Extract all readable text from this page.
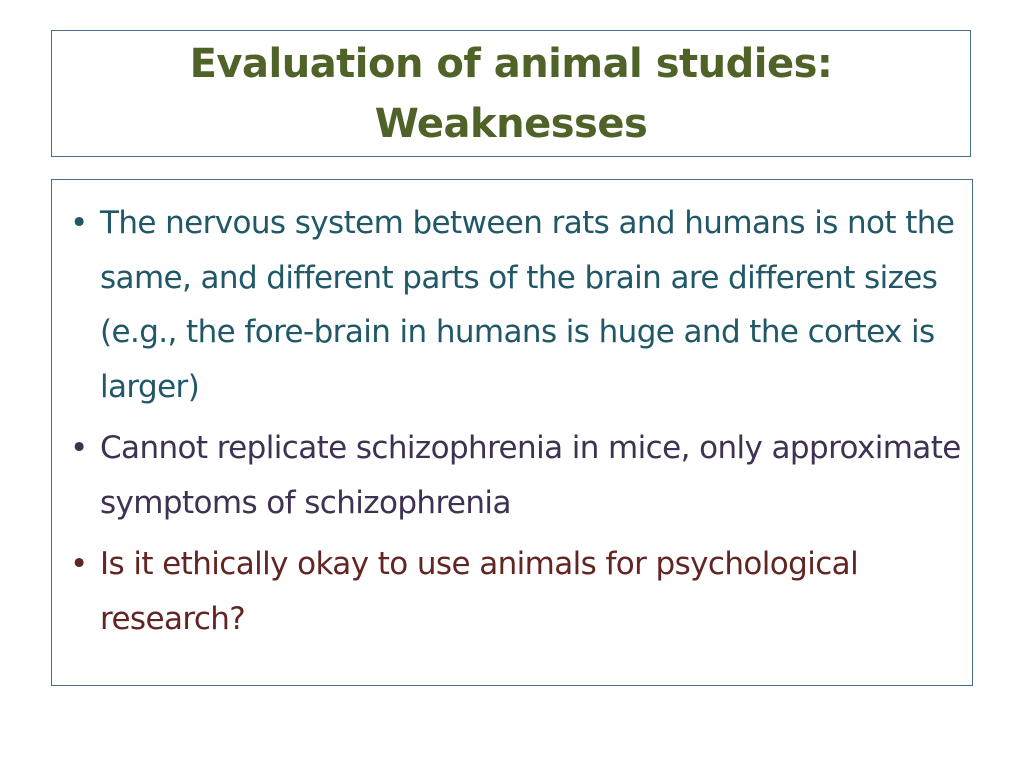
Evaluation of animal studies: Weaknesses
• The nervous system between rats and humans is not the same, and different parts of the brain are different sizes (e.g., the fore-brain in humans is huge and the cortex is larger)
• Cannot replicate schizophrenia in mice, only approximate symptoms of schizophrenia
• Is it ethically okay to use animals for psychological research?
